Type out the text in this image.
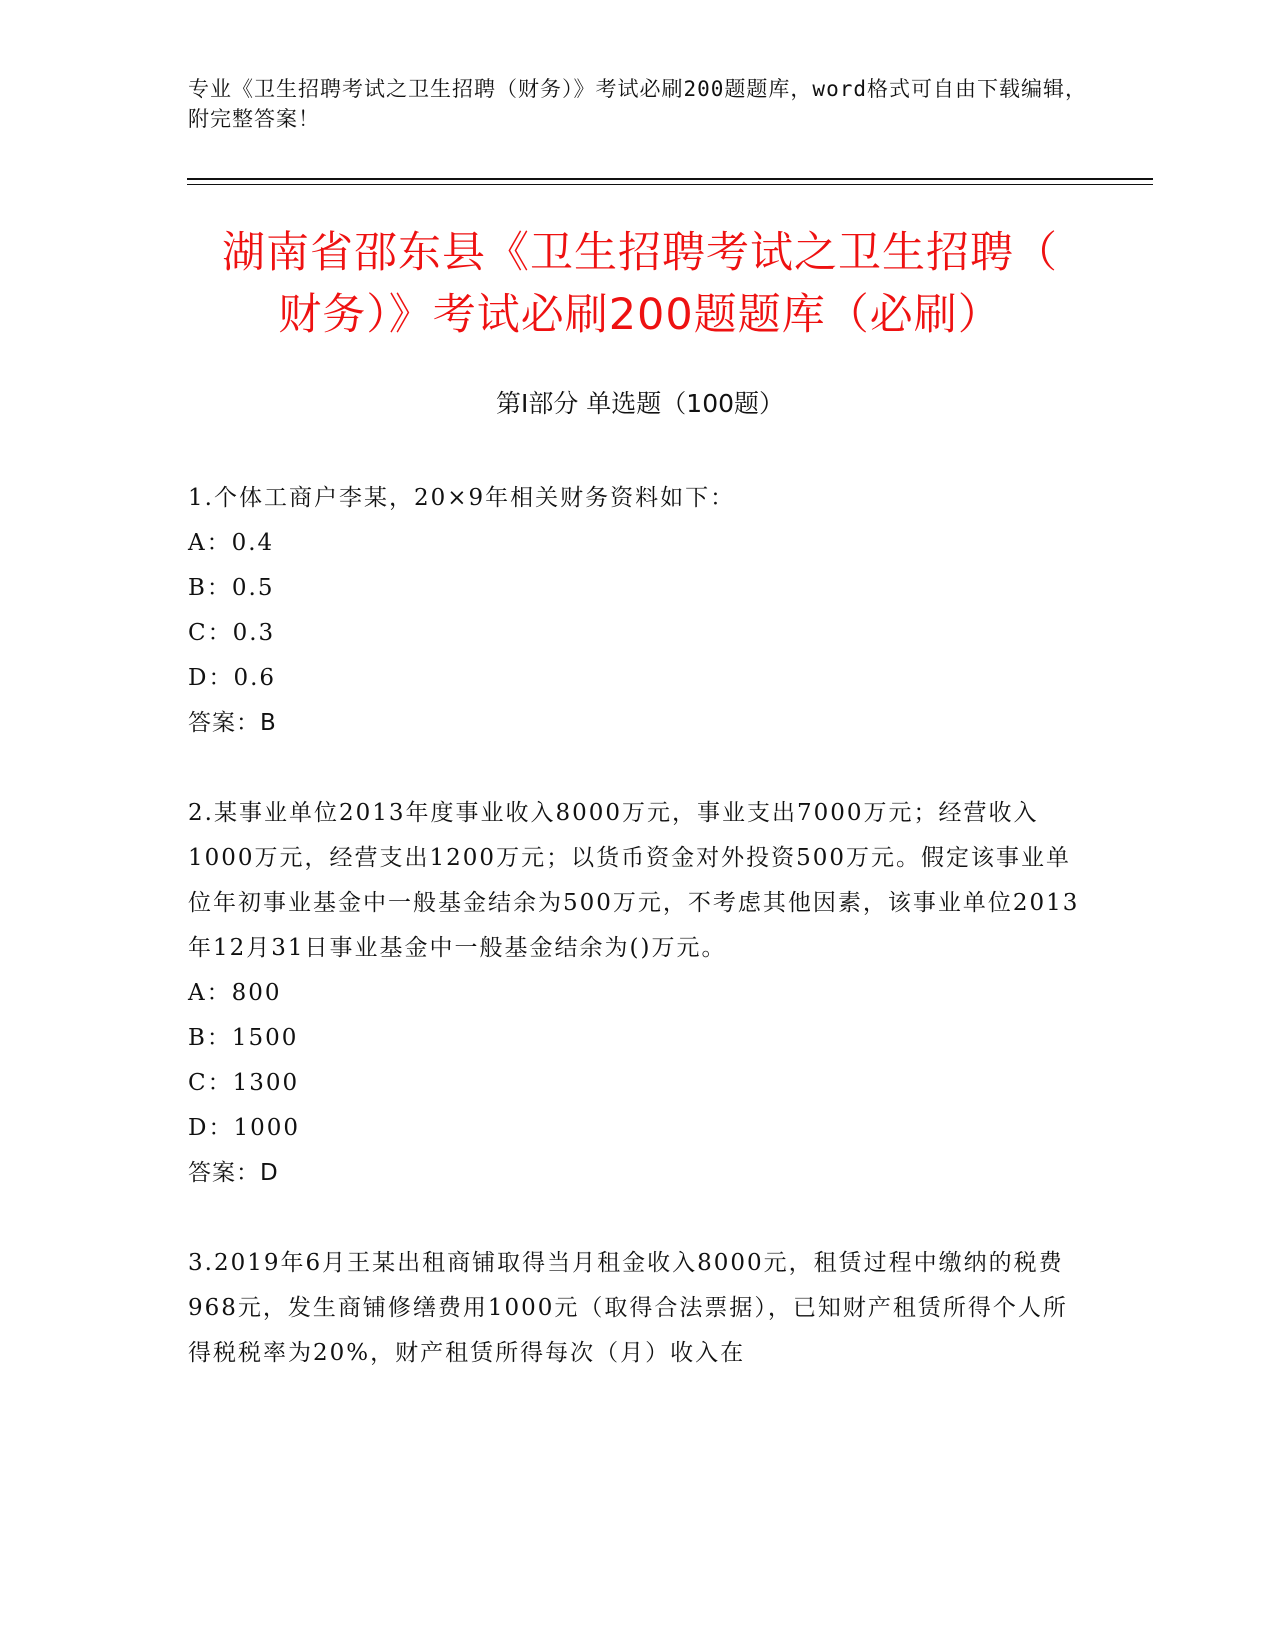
专业《卫生招聘考试之卫生招聘（财务）》考试必刷200题题库，word格式可自由下载编辑，附完整答案！
湖南省邵东县《卫生招聘考试之卫生招聘（
财务）》考试必刷200题题库（必刷）
第Ⅰ部分 单选题（100题）

1.个体工商户李某，20×9年相关财务资料如下：

A：0.4

B：0.5

C：0.3

D：0.6

答案：B

2.某事业单位2013年度事业收入8000万元，事业支出7000万元；经营收入1000万元，经营支出1200万元；以货币资金对外投资500万元。假定该事业单位年初事业基金中一般基金结余为500万元，不考虑其他因素，该事业单位2013年12月31日事业基金中一般基金结余为()万元。

A：800

B：1500

C：1300

D：1000

答案：D

3.2019年6月王某出租商铺取得当月租金收入8000元，租赁过程中缴纳的税费968元，发生商铺修缮费用1000元（取得合法票据），已知财产租赁所得个人所得税税率为20%，财产租赁所得每次（月）收入在
